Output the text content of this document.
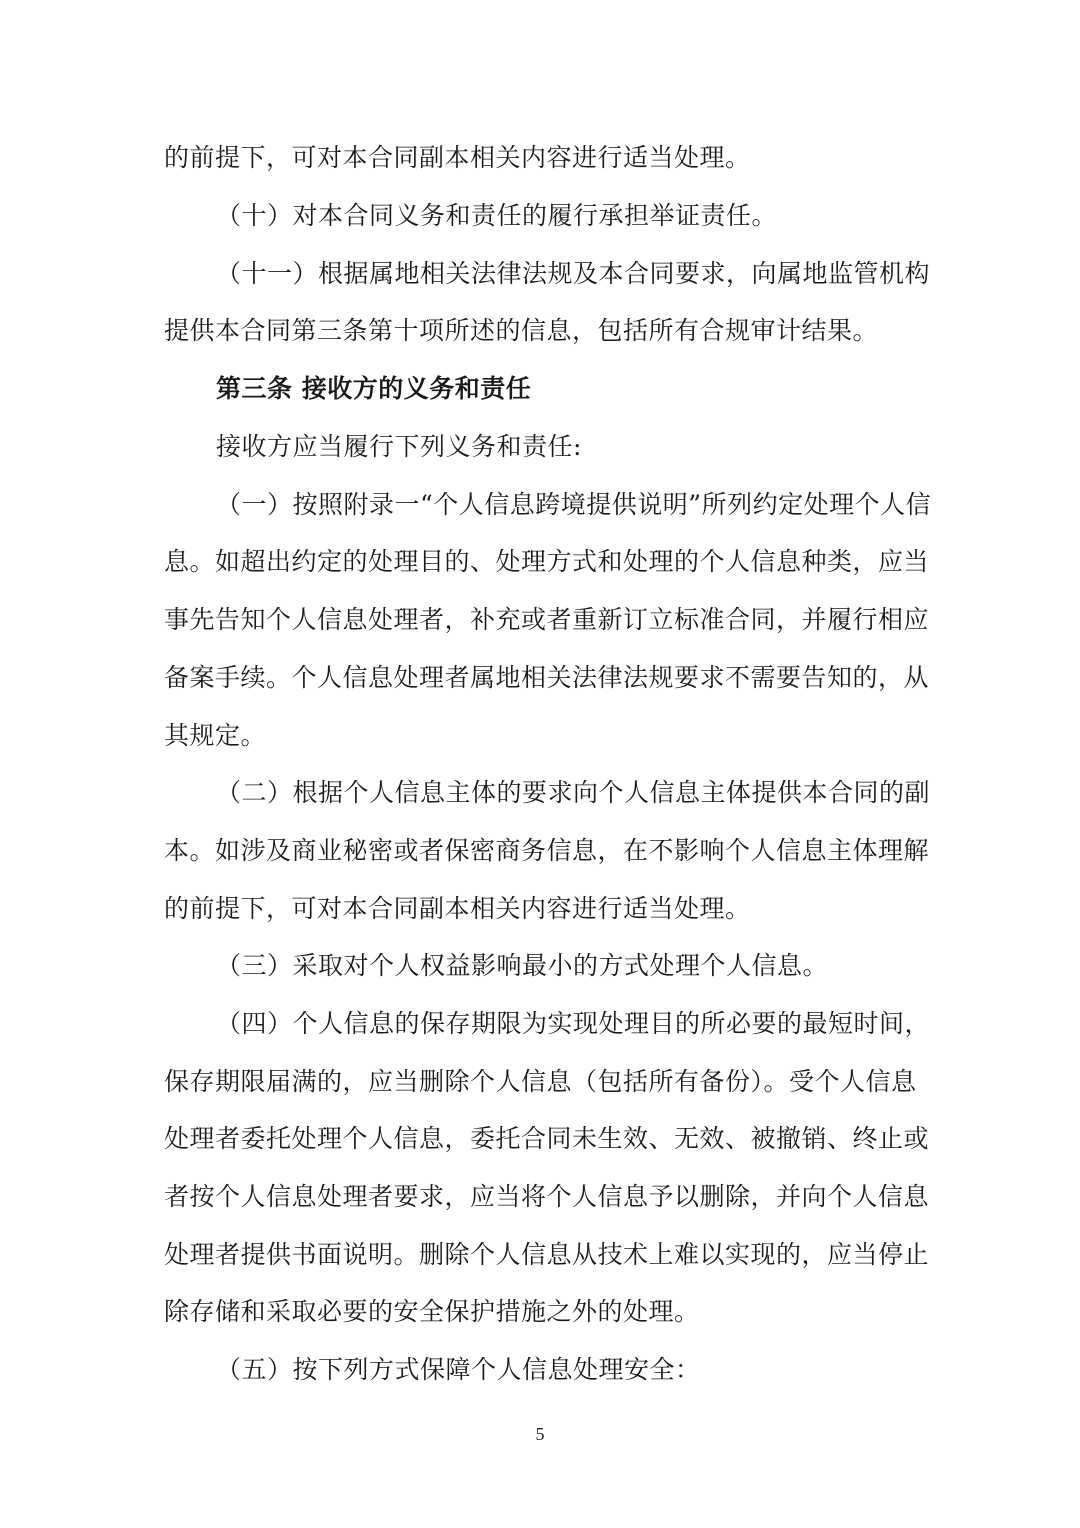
的前提下，可对本合同副本相关内容进行适当处理。
（十）对本合同义务和责任的履行承担举证责任。
（十一）根据属地相关法律法规及本合同要求，向属地监管机构
提供本合同第三条第十项所述的信息，包括所有合规审计结果。
第三条 接收方的义务和责任
接收方应当履行下列义务和责任:
（一）按照附录一“个人信息跨境提供说明”所列约定处理个人信
息。如超出约定的处理目的、处理方式和处理的个人信息种类，应当
事先告知个人信息处理者，补充或者重新订立标准合同，并履行相应
备案手续。个人信息处理者属地相关法律法规要求不需要告知的，从
其规定。
（二）根据个人信息主体的要求向个人信息主体提供本合同的副
本。如涉及商业秘密或者保密商务信息，在不影响个人信息主体理解
的前提下，可对本合同副本相关内容进行适当处理。
（三）采取对个人权益影响最小的方式处理个人信息。
（四）个人信息的保存期限为实现处理目的所必要的最短时间，
保存期限届满的，应当删除个人信息（包括所有备份）。受个人信息
处理者委托处理个人信息，委托合同未生效、无效、被撤销、终止或
者按个人信息处理者要求，应当将个人信息予以删除，并向个人信息
处理者提供书面说明。删除个人信息从技术上难以实现的，应当停止
除存储和采取必要的安全保护措施之外的处理。
（五）按下列方式保障个人信息处理安全：
5
